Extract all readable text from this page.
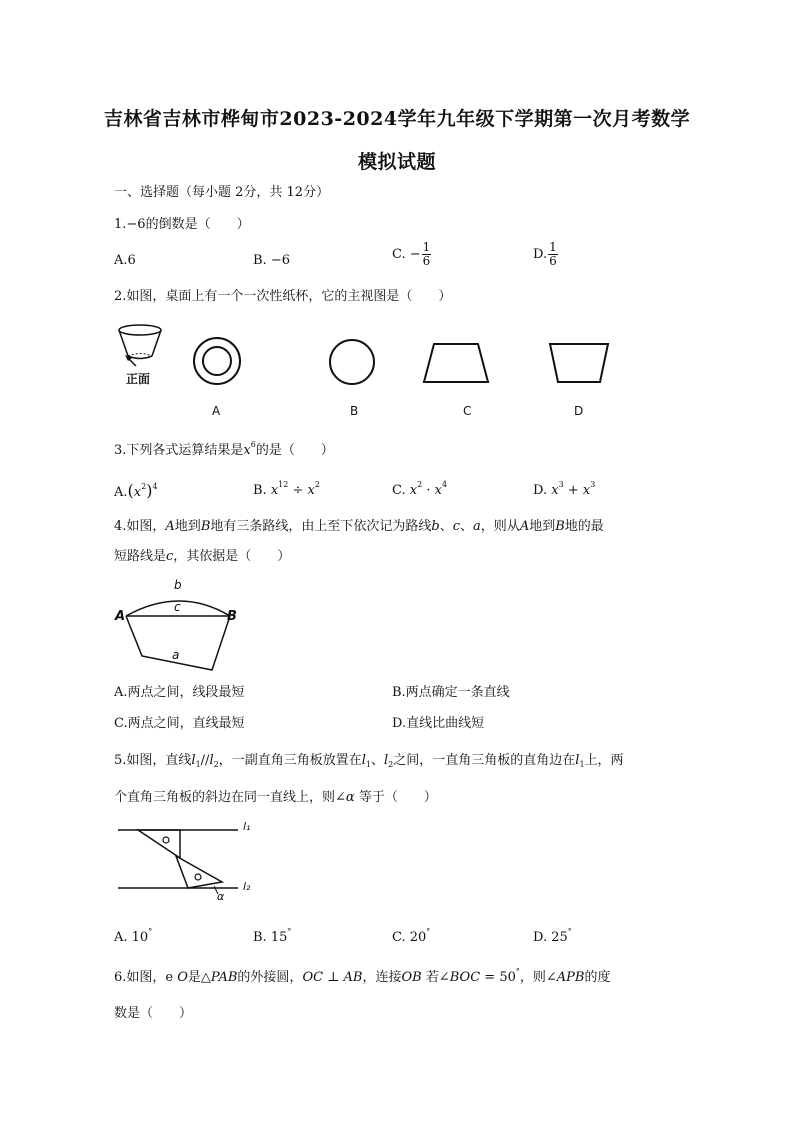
吉林省吉林市桦甸市2023-2024学年九年级下学期第一次月考数学
模拟试题
一、选择题（每小题 2分，共 12分）
1.−6的倒数是（　　）
A.6	B. −6	C. − $\frac{1}{6}$	D. $\frac{1}{6}$
2.如图，桌面上有一个一次性纸杯，它的主视图是（　　）
正面
A	B	C	D
3.下列各式运算结果是$x^6$的是（　　）
$A.(x^2)^4$	B. $x^{12} \div x^2$	C. $x^2 \cdot x^4$	D. $x^3 + x^3$
4.如图，A地到B地有三条路线，由上至下依次记为路线b、c、a，则从A地到B地的最
短路线是c，其依据是（　　）
A	B
b
c
a
A.两点之间，线段最短	B.两点确定一条直线
C.两点之间，直线最短	D.直线比曲线短
5.如图，直线$l_1//l_2$，一副直角三角板放置在$l_1$、$l_2$之间，一直角三角板的直角边在$l_1$上，两
个直角三角板的斜边在同一直线上，则∠α 等于（　　）
l₁
l₂
α
A. 10°	B. 15°	C. 20°	D. 25°
6.如图，e O是△PAB的外接圆，OC ⊥ AB，连接OB 若∠BOC = 50°，则∠APB的度
数是（　　）
